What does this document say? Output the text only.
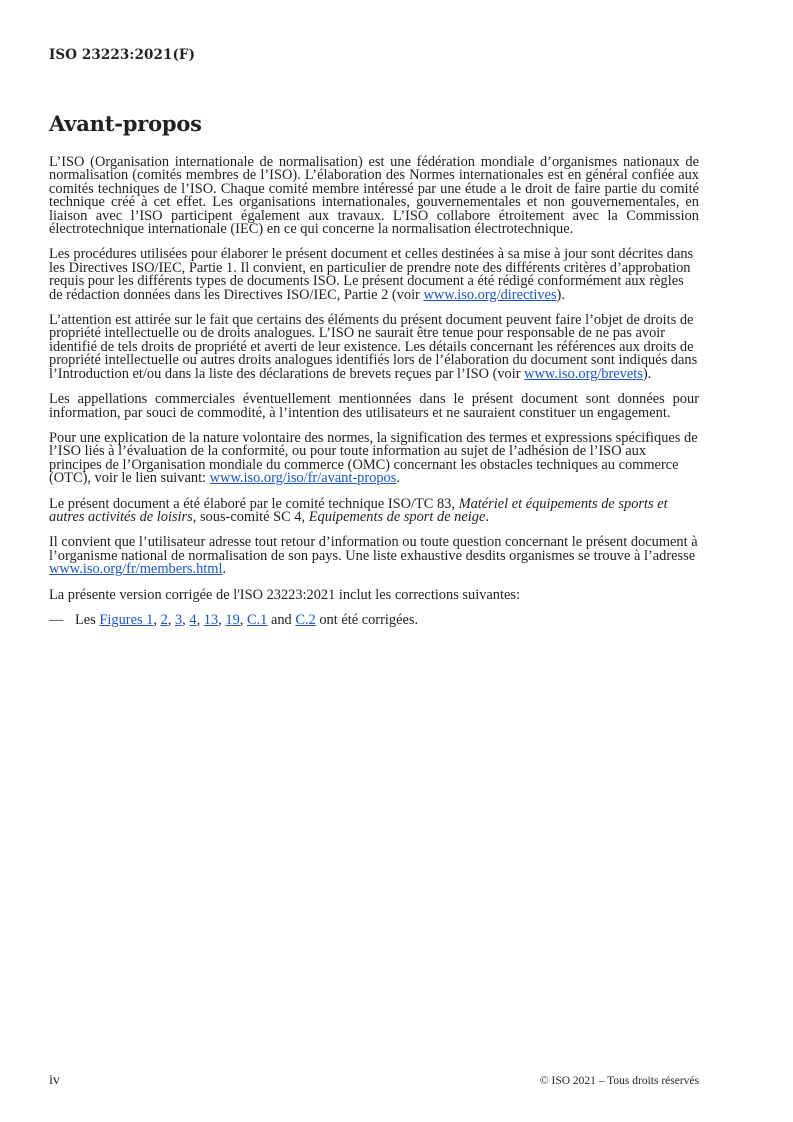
ISO 23223:2021(F)
Avant-propos

L’ISO (Organisation internationale de normalisation) est une fédération mondiale d’organismes nationaux de normalisation (comités membres de l’ISO). L’élaboration des Normes internationales est en général confiée aux comités techniques de l’ISO. Chaque comité membre intéressé par une étude a le droit de faire partie du comité technique créé à cet effet. Les organisations internationales, gouvernementales et non gouvernementales, en liaison avec l’ISO participent également aux travaux. L’ISO collabore étroitement avec la Commission électrotechnique internationale (IEC) en ce qui concerne la normalisation électrotechnique.

Les procédures utilisées pour élaborer le présent document et celles destinées à sa mise à jour sont décrites dans les Directives ISO/IEC, Partie 1. Il convient, en particulier de prendre note des différents critères d’approbation requis pour les différents types de documents ISO. Le présent document a été rédigé conformément aux règles de rédaction données dans les Directives ISO/IEC, Partie 2 (voir www.iso.org/directives).

L’attention est attirée sur le fait que certains des éléments du présent document peuvent faire l’objet de droits de propriété intellectuelle ou de droits analogues. L’ISO ne saurait être tenue pour responsable de ne pas avoir identifié de tels droits de propriété et averti de leur existence. Les détails concernant les références aux droits de propriété intellectuelle ou autres droits analogues identifiés lors de l’élaboration du document sont indiqués dans l’Introduction et/ou dans la liste des déclarations de brevets reçues par l’ISO (voir www.iso.org/brevets).

Les appellations commerciales éventuellement mentionnées dans le présent document sont données pour information, par souci de commodité, à l’intention des utilisateurs et ne sauraient constituer un engagement.

Pour une explication de la nature volontaire des normes, la signification des termes et expressions spécifiques de l’ISO liés à l’évaluation de la conformité, ou pour toute information au sujet de l’adhésion de l’ISO aux principes de l’Organisation mondiale du commerce (OMC) concernant les obstacles techniques au commerce (OTC), voir le lien suivant: www.iso.org/iso/fr/avant-propos.

Le présent document a été élaboré par le comité technique ISO/TC 83, Matériel et équipements de sports et autres activités de loisirs, sous-comité SC 4, Equipements de sport de neige.

Il convient que l’utilisateur adresse tout retour d’information ou toute question concernant le présent document à l’organisme national de normalisation de son pays. Une liste exhaustive desdits organismes se trouve à l’adresse www.iso.org/fr/members.html.

La présente version corrigée de l'ISO 23223:2021 inclut les corrections suivantes:

— Les Figures 1, 2, 3, 4, 13, 19, C.1 and C.2 ont été corrigées.

iv	© ISO 2021 – Tous droits réservés
